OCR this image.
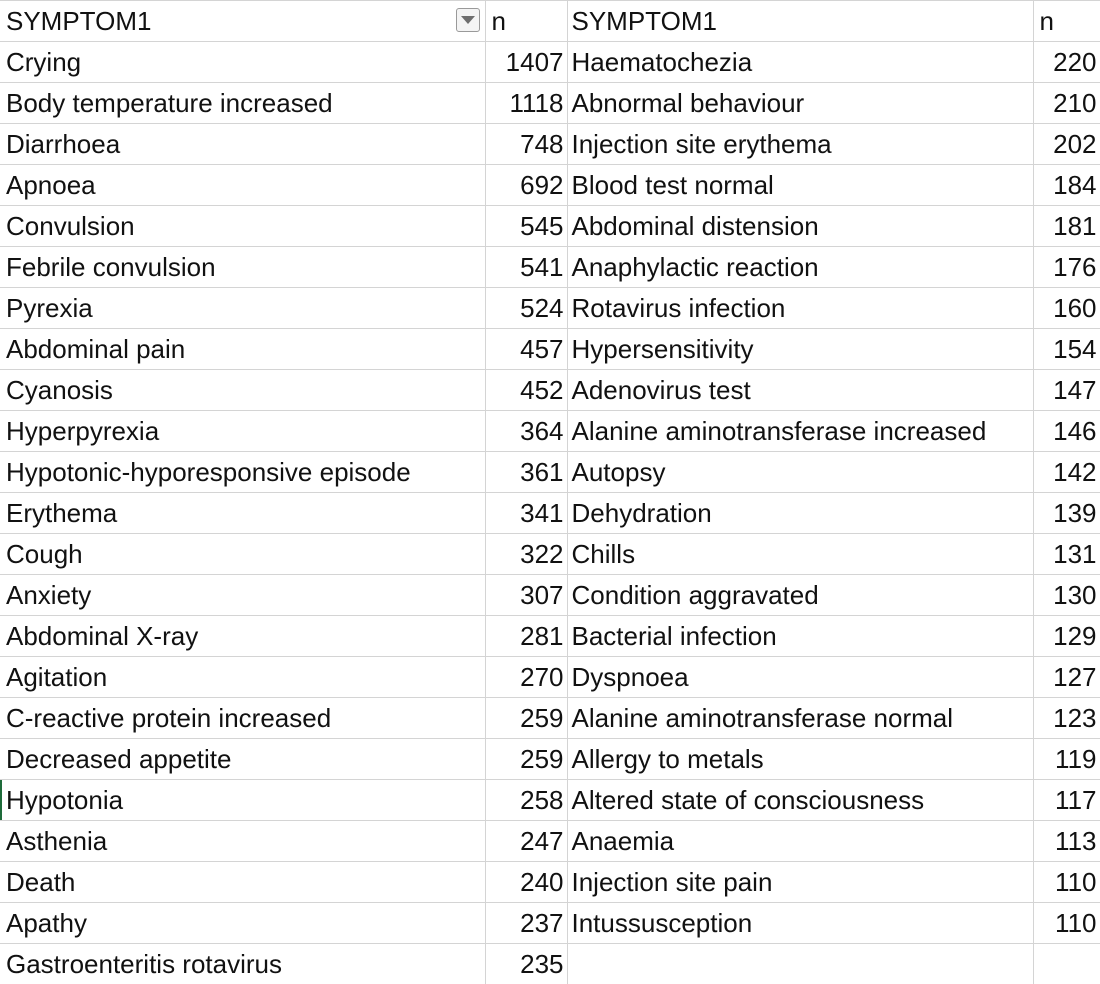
SYMPTOM1	n	SYMPTOM1	n
Crying	1407	Haematochezia	220
Body temperature increased	1118	Abnormal behaviour	210
Diarrhoea	748	Injection site erythema	202
Apnoea	692	Blood test normal	184
Convulsion	545	Abdominal distension	181
Febrile convulsion	541	Anaphylactic reaction	176
Pyrexia	524	Rotavirus infection	160
Abdominal pain	457	Hypersensitivity	154
Cyanosis	452	Adenovirus test	147
Hyperpyrexia	364	Alanine aminotransferase increased	146
Hypotonic-hyporesponsive episode	361	Autopsy	142
Erythema	341	Dehydration	139
Cough	322	Chills	131
Anxiety	307	Condition aggravated	130
Abdominal X-ray	281	Bacterial infection	129
Agitation	270	Dyspnoea	127
C-reactive protein increased	259	Alanine aminotransferase normal	123
Decreased appetite	259	Allergy to metals	119
Hypotonia	258	Altered state of consciousness	117
Asthenia	247	Anaemia	113
Death	240	Injection site pain	110
Apathy	237	Intussusception	110
Gastroenteritis rotavirus	235		
